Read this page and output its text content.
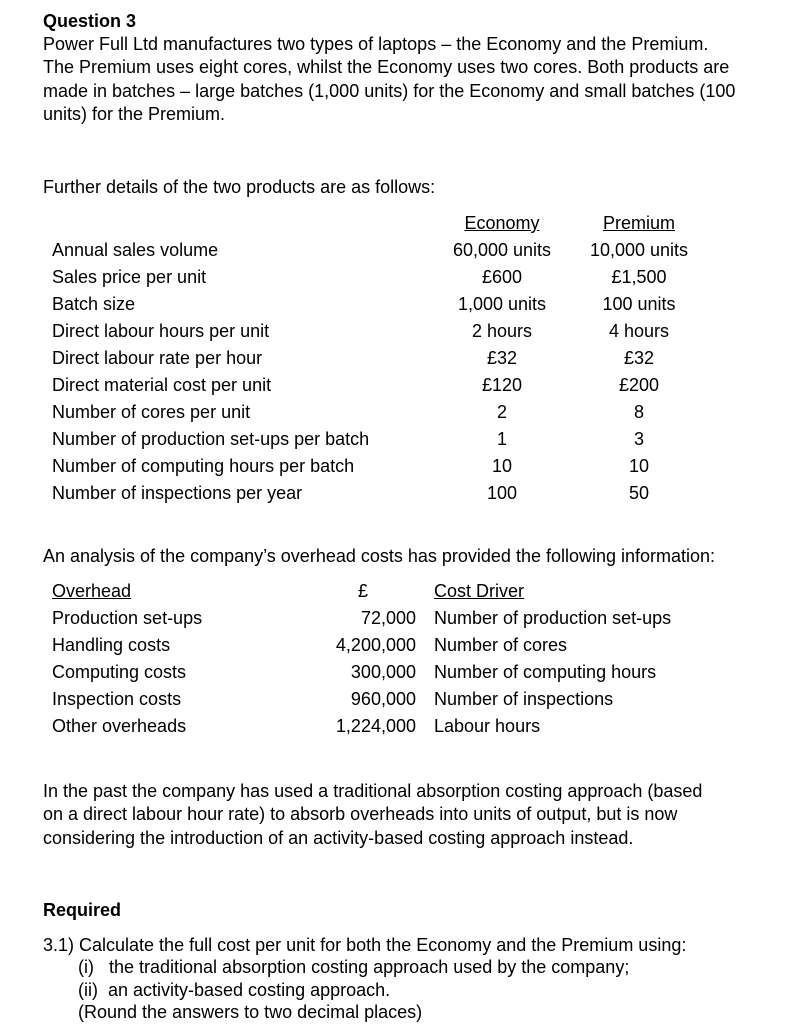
Question 3
Power Full Ltd manufactures two types of laptops – the Economy and the Premium.
The Premium uses eight cores, whilst the Economy uses two cores. Both products are
made in batches – large batches (1,000 units) for the Economy and small batches (100
units) for the Premium.
Further details of the two products are as follows:
Economy	Premium
Annual sales volume	60,000 units	10,000 units
Sales price per unit	£600	£1,500
Batch size	1,000 units	100 units
Direct labour hours per unit	2 hours	4 hours
Direct labour rate per hour	£32	£32
Direct material cost per unit	£120	£200
Number of cores per unit	2	8
Number of production set-ups per batch	1	3
Number of computing hours per batch	10	10
Number of inspections per year	100	50
An analysis of the company’s overhead costs has provided the following information:
Overhead	£	Cost Driver
Production set-ups	72,000 Number of production set-ups
Handling costs	4,200,000 Number of cores
Computing costs	300,000 Number of computing hours
Inspection costs	960,000 Number of inspections
Other overheads	1,224,000 Labour hours
In the past the company has used a traditional absorption costing approach (based
on a direct labour hour rate) to absorb overheads into units of output, but is now
considering the introduction of an activity-based costing approach instead.
Required
3.1) Calculate the full cost per unit for both the Economy and the Premium using:
(i)   the traditional absorption costing approach used by the company;
(ii)  an activity-based costing approach.
(Round the answers to two decimal places)
